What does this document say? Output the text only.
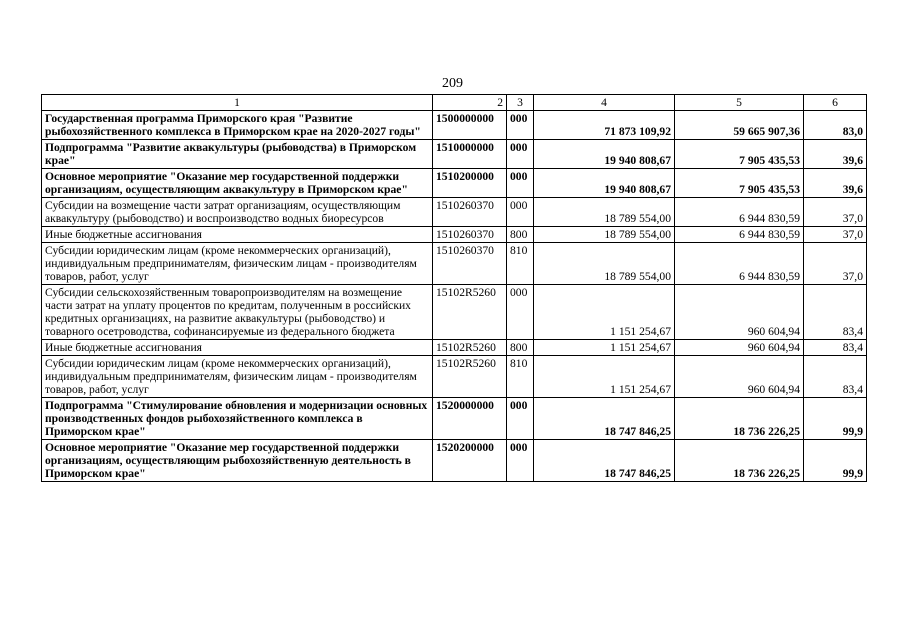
209
1	2	3	4	5	6
Государственная программа Приморского края "Развитие рыбохозяйственного комплекса в Приморском крае на 2020-2027 годы"	1500000000	000	71 873 109,92	59 665 907,36	83,0
Подпрограмма "Развитие аквакультуры (рыбоводства) в Приморском крае"	1510000000	000	19 940 808,67	7 905 435,53	39,6
Основное мероприятие "Оказание мер государственной поддержки организациям, осуществляющим аквакультуру в Приморском крае"	1510200000	000	19 940 808,67	7 905 435,53	39,6
Субсидии на возмещение части затрат организациям, осуществляющим аквакультуру (рыбоводство) и воспроизводство водных биоресурсов	1510260370	000	18 789 554,00	6 944 830,59	37,0
Иные бюджетные ассигнования	1510260370	800	18 789 554,00	6 944 830,59	37,0
Субсидии юридическим лицам (кроме некоммерческих организаций), индивидуальным предпринимателям, физическим лицам - производителям товаров, работ, услуг	1510260370	810	18 789 554,00	6 944 830,59	37,0
Субсидии сельскохозяйственным товаропроизводителям на возмещение части затрат на уплату процентов по кредитам, полученным в российских кредитных организациях, на развитие аквакультуры (рыбоводство) и товарного осетроводства, софинансируемые из федерального бюджета	15102R5260	000	1 151 254,67	960 604,94	83,4
Иные бюджетные ассигнования	15102R5260	800	1 151 254,67	960 604,94	83,4
Субсидии юридическим лицам (кроме некоммерческих организаций), индивидуальным предпринимателям, физическим лицам - производителям товаров, работ, услуг	15102R5260	810	1 151 254,67	960 604,94	83,4
Подпрограмма "Стимулирование обновления и модернизации основных производственных фондов рыбохозяйственного комплекса в Приморском крае"	1520000000	000	18 747 846,25	18 736 226,25	99,9
Основное мероприятие "Оказание мер государственной поддержки организациям, осуществляющим рыбохозяйственную деятельность в Приморском крае"	1520200000	000	18 747 846,25	18 736 226,25	99,9
